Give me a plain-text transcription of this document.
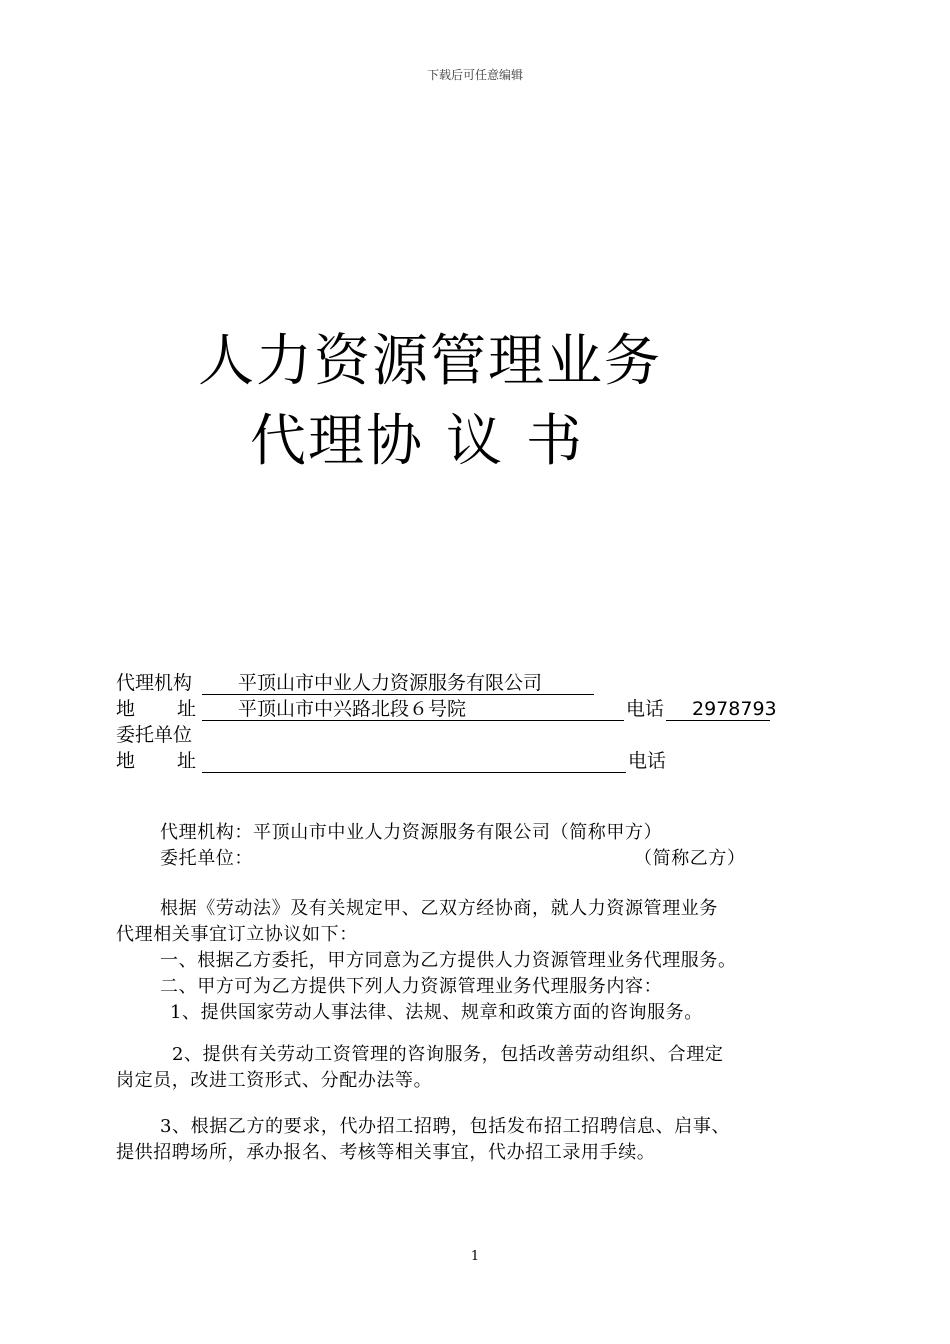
下载后可任意编辑
人力资源管理业务
代理协 议 书
代理机构	平顶山市中业人力资源服务有限公司
地 址 平顶山市中兴路北段６号院	电话 2978793
委托单位
地 址	电话
代理机构：平顶山市中业人力资源服务有限公司（简称甲方）
委托单位：	（简称乙方）
根据《劳动法》及有关规定甲、乙双方经协商，就人力资源管理业务
代理相关事宜订立协议如下：
一、根据乙方委托，甲方同意为乙方提供人力资源管理业务代理服务。
二、甲方可为乙方提供下列人力资源管理业务代理服务内容：
1、提供国家劳动人事法律、法规、规章和政策方面的咨询服务。
2、提供有关劳动工资管理的咨询服务，包括改善劳动组织、合理定
岗定员，改进工资形式、分配办法等。
3、根据乙方的要求，代办招工招聘，包括发布招工招聘信息、启事、
提供招聘场所，承办报名、考核等相关事宜，代办招工录用手续。
1
